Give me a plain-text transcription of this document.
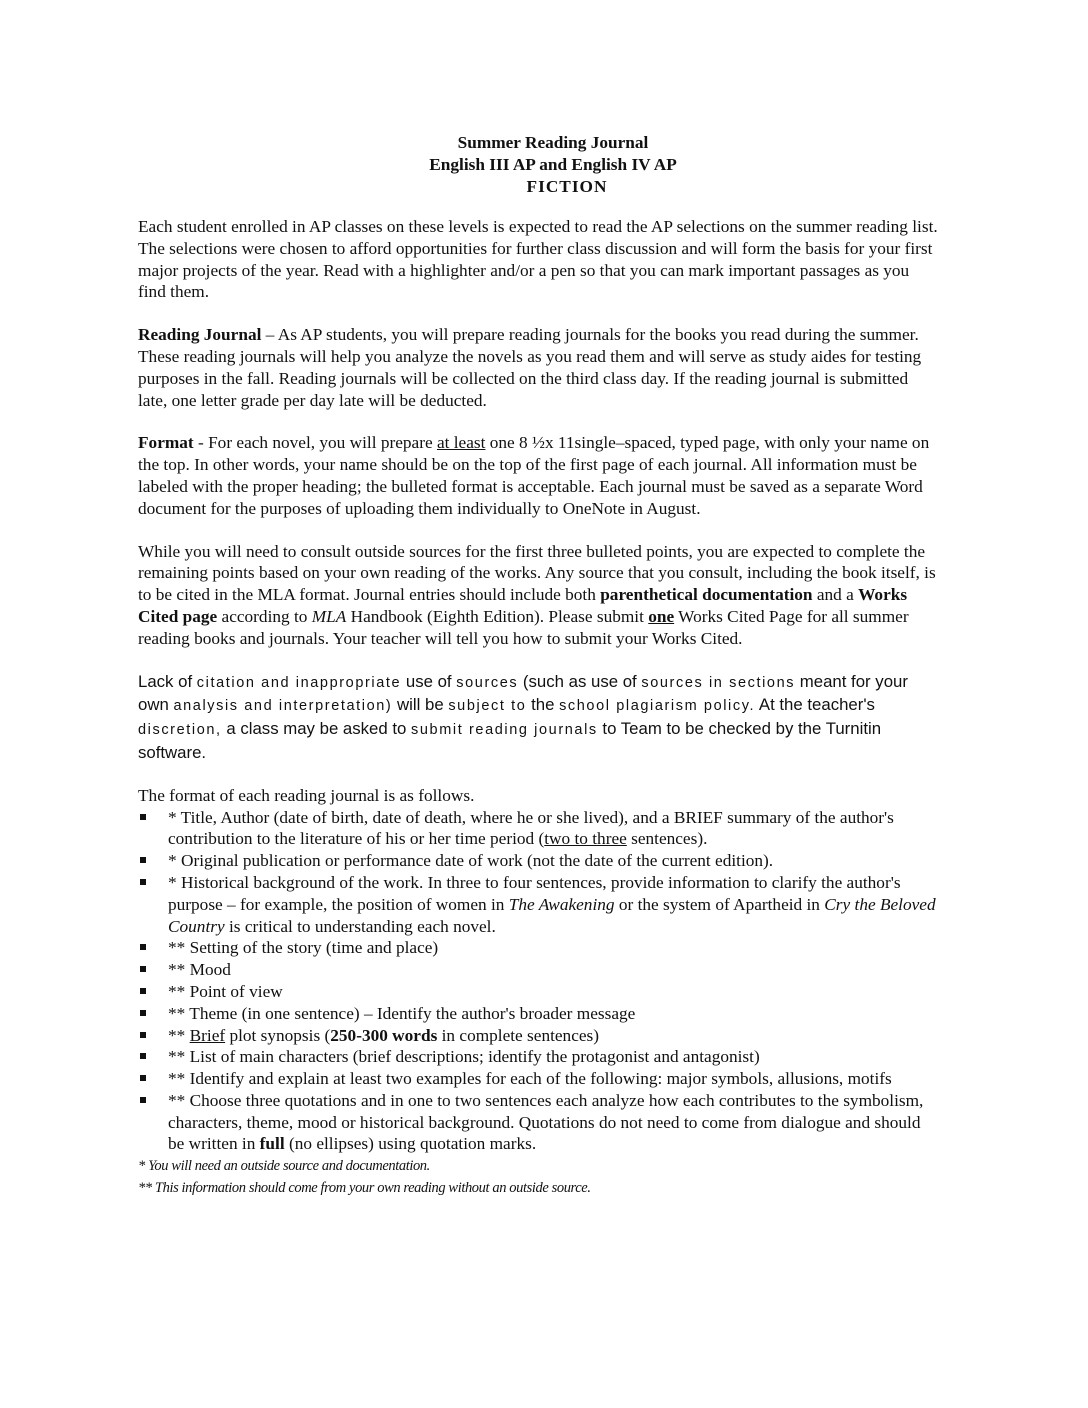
Summer Reading Journal
English III AP and English IV AP
FICTION

Each student enrolled in AP classes on these levels is expected to read the AP selections on the summer reading list. The selections were chosen to afford opportunities for further class discussion and will form the basis for your first major projects of the year. Read with a highlighter and/or a pen so that you can mark important passages as you find them.

Reading Journal – As AP students, you will prepare reading journals for the books you read during the summer. These reading journals will help you analyze the novels as you read them and will serve as study aides for testing purposes in the fall. Reading journals will be collected on the third class day. If the reading journal is submitted late, one letter grade per day late will be deducted.

Format - For each novel, you will prepare at least one 8 ½x 11single–spaced, typed page, with only your name on the top. In other words, your name should be on the top of the first page of each journal. All information must be labeled with the proper heading; the bulleted format is acceptable. Each journal must be saved as a separate Word document for the purposes of uploading them individually to OneNote in August.

While you will need to consult outside sources for the first three bulleted points, you are expected to complete the remaining points based on your own reading of the works. Any source that you consult, including the book itself, is to be cited in the MLA format. Journal entries should include both parenthetical documentation and a Works Cited page according to MLA Handbook (Eighth Edition). Please submit one Works Cited Page for all summer reading books and journals. Your teacher will tell you how to submit your Works Cited.

Lack of citation and inappropriate use of sources (such as use of sources in sections meant for your own analysis and interpretation) will be subject to the school plagiarism policy. At the teacher's discretion, a class may be asked to submit reading journals to Team to be checked by the Turnitin software.

The format of each reading journal is as follows.
* Title, Author (date of birth, date of death, where he or she lived), and a BRIEF summary of the author's contribution to the literature of his or her time period (two to three sentences).
* Original publication or performance date of work (not the date of the current edition).
* Historical background of the work. In three to four sentences, provide information to clarify the author's purpose – for example, the position of women in The Awakening or the system of Apartheid in Cry the Beloved Country is critical to understanding each novel.
** Setting of the story (time and place)
** Mood
** Point of view
** Theme (in one sentence) – Identify the author's broader message
** Brief plot synopsis (250-300 words in complete sentences)
** List of main characters (brief descriptions; identify the protagonist and antagonist)
** Identify and explain at least two examples for each of the following: major symbols, allusions, motifs
** Choose three quotations and in one to two sentences each analyze how each contributes to the symbolism, characters, theme, mood or historical background. Quotations do not need to come from dialogue and should be written in full (no ellipses) using quotation marks.
* You will need an outside source and documentation.
** This information should come from your own reading without an outside source.
